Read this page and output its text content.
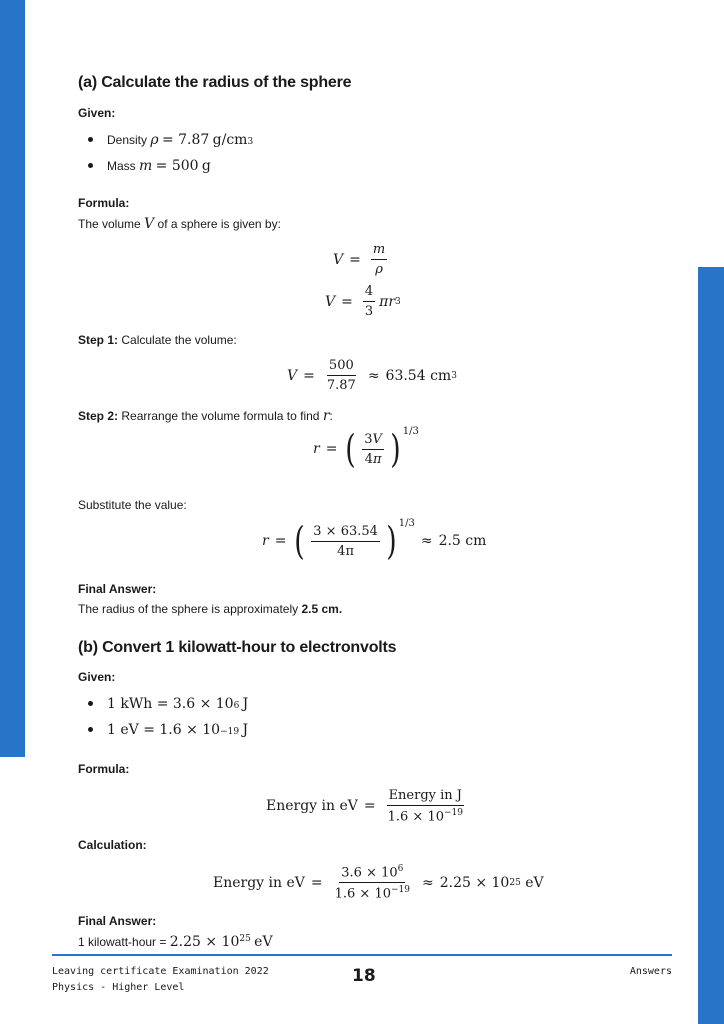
(a) Calculate the radius of the sphere
Given:
Density
ρ
= 7.87
g/cm 3
Mass
m
= 500
g
Formula:
The volume V of a sphere is given by:
$V = \frac{m}{\rho}$
$V = \frac{4}{3}$ πr 3
Step 1: Calculate the volume:
$V = \frac{500}{7.87} \approx 63.54$
cm 3
Step 2: Rearrange the volume formula to find r:
r = ( $\frac{3V}{4\pi}$ ) 1/3
Substitute the value:
r = ( $\frac{3 \times 63.54}{4\pi}$ ) 1/3
≈ 2.5
cm
Final Answer:
The radius of the sphere is approximately 2.5 cm.
(b) Convert 1 kilowatt-hour to electronvolts
Given:
1 kWh = 3.6 × 10 6
J
1 eV = 1.6 × 10 −19
J
Formula:
Energy in eV = $\frac{\text{Energy in J}}{1.6 \times 10^{-19}}$
Calculation:
Energy in eV = $\frac{3.6 \times 10^6}{1.6 \times 10^{-19}} \approx 2.25 \times 10$ 25
eV
Final Answer:
1 kilowatt-hour = $2.25 \times 10^{25}$ eV
Leaving certificate Examination 2022
Physics - Higher Level
18	Answers
